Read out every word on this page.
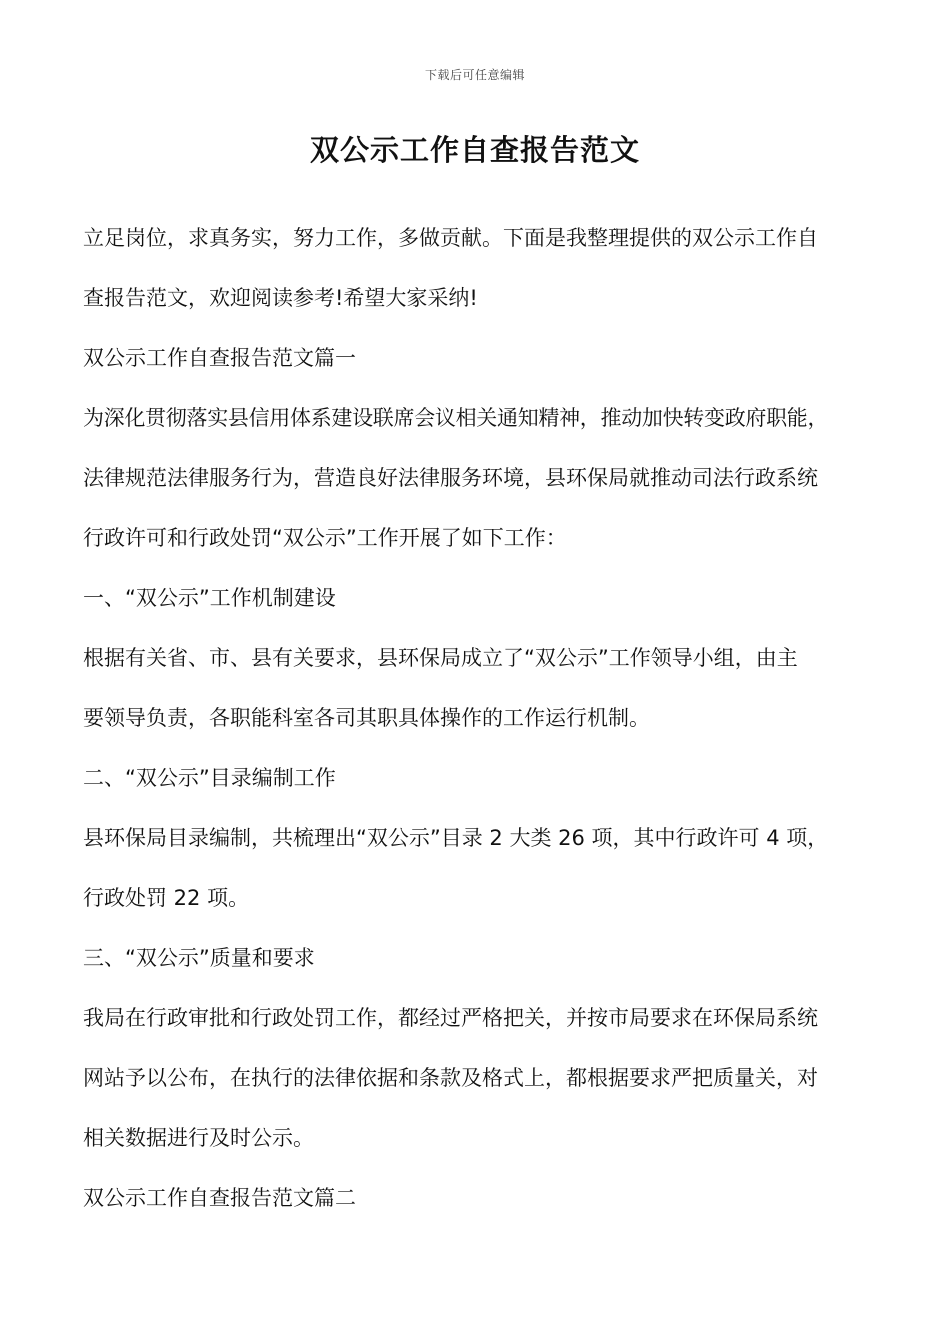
下载后可任意编辑
双公示工作自查报告范文
立足岗位，求真务实，努力工作，多做贡献。下面是我整理提供的双公示工作自
查报告范文，欢迎阅读参考!希望大家采纳!
双公示工作自查报告范文篇一
为深化贯彻落实县信用体系建设联席会议相关通知精神，推动加快转变政府职能，
法律规范法律服务行为，营造良好法律服务环境，县环保局就推动司法行政系统
行政许可和行政处罚“双公示”工作开展了如下工作：
一、“双公示”工作机制建设
根据有关省、市、县有关要求，县环保局成立了“双公示”工作领导小组，由主
要领导负责，各职能科室各司其职具体操作的工作运行机制。
二、“双公示”目录编制工作
县环保局目录编制，共梳理出“双公示”目录 2 大类 26 项，其中行政许可 4 项，
行政处罚 22 项。
三、“双公示”质量和要求
我局在行政审批和行政处罚工作，都经过严格把关，并按市局要求在环保局系统
网站予以公布，在执行的法律依据和条款及格式上，都根据要求严把质量关，对
相关数据进行及时公示。
双公示工作自查报告范文篇二
